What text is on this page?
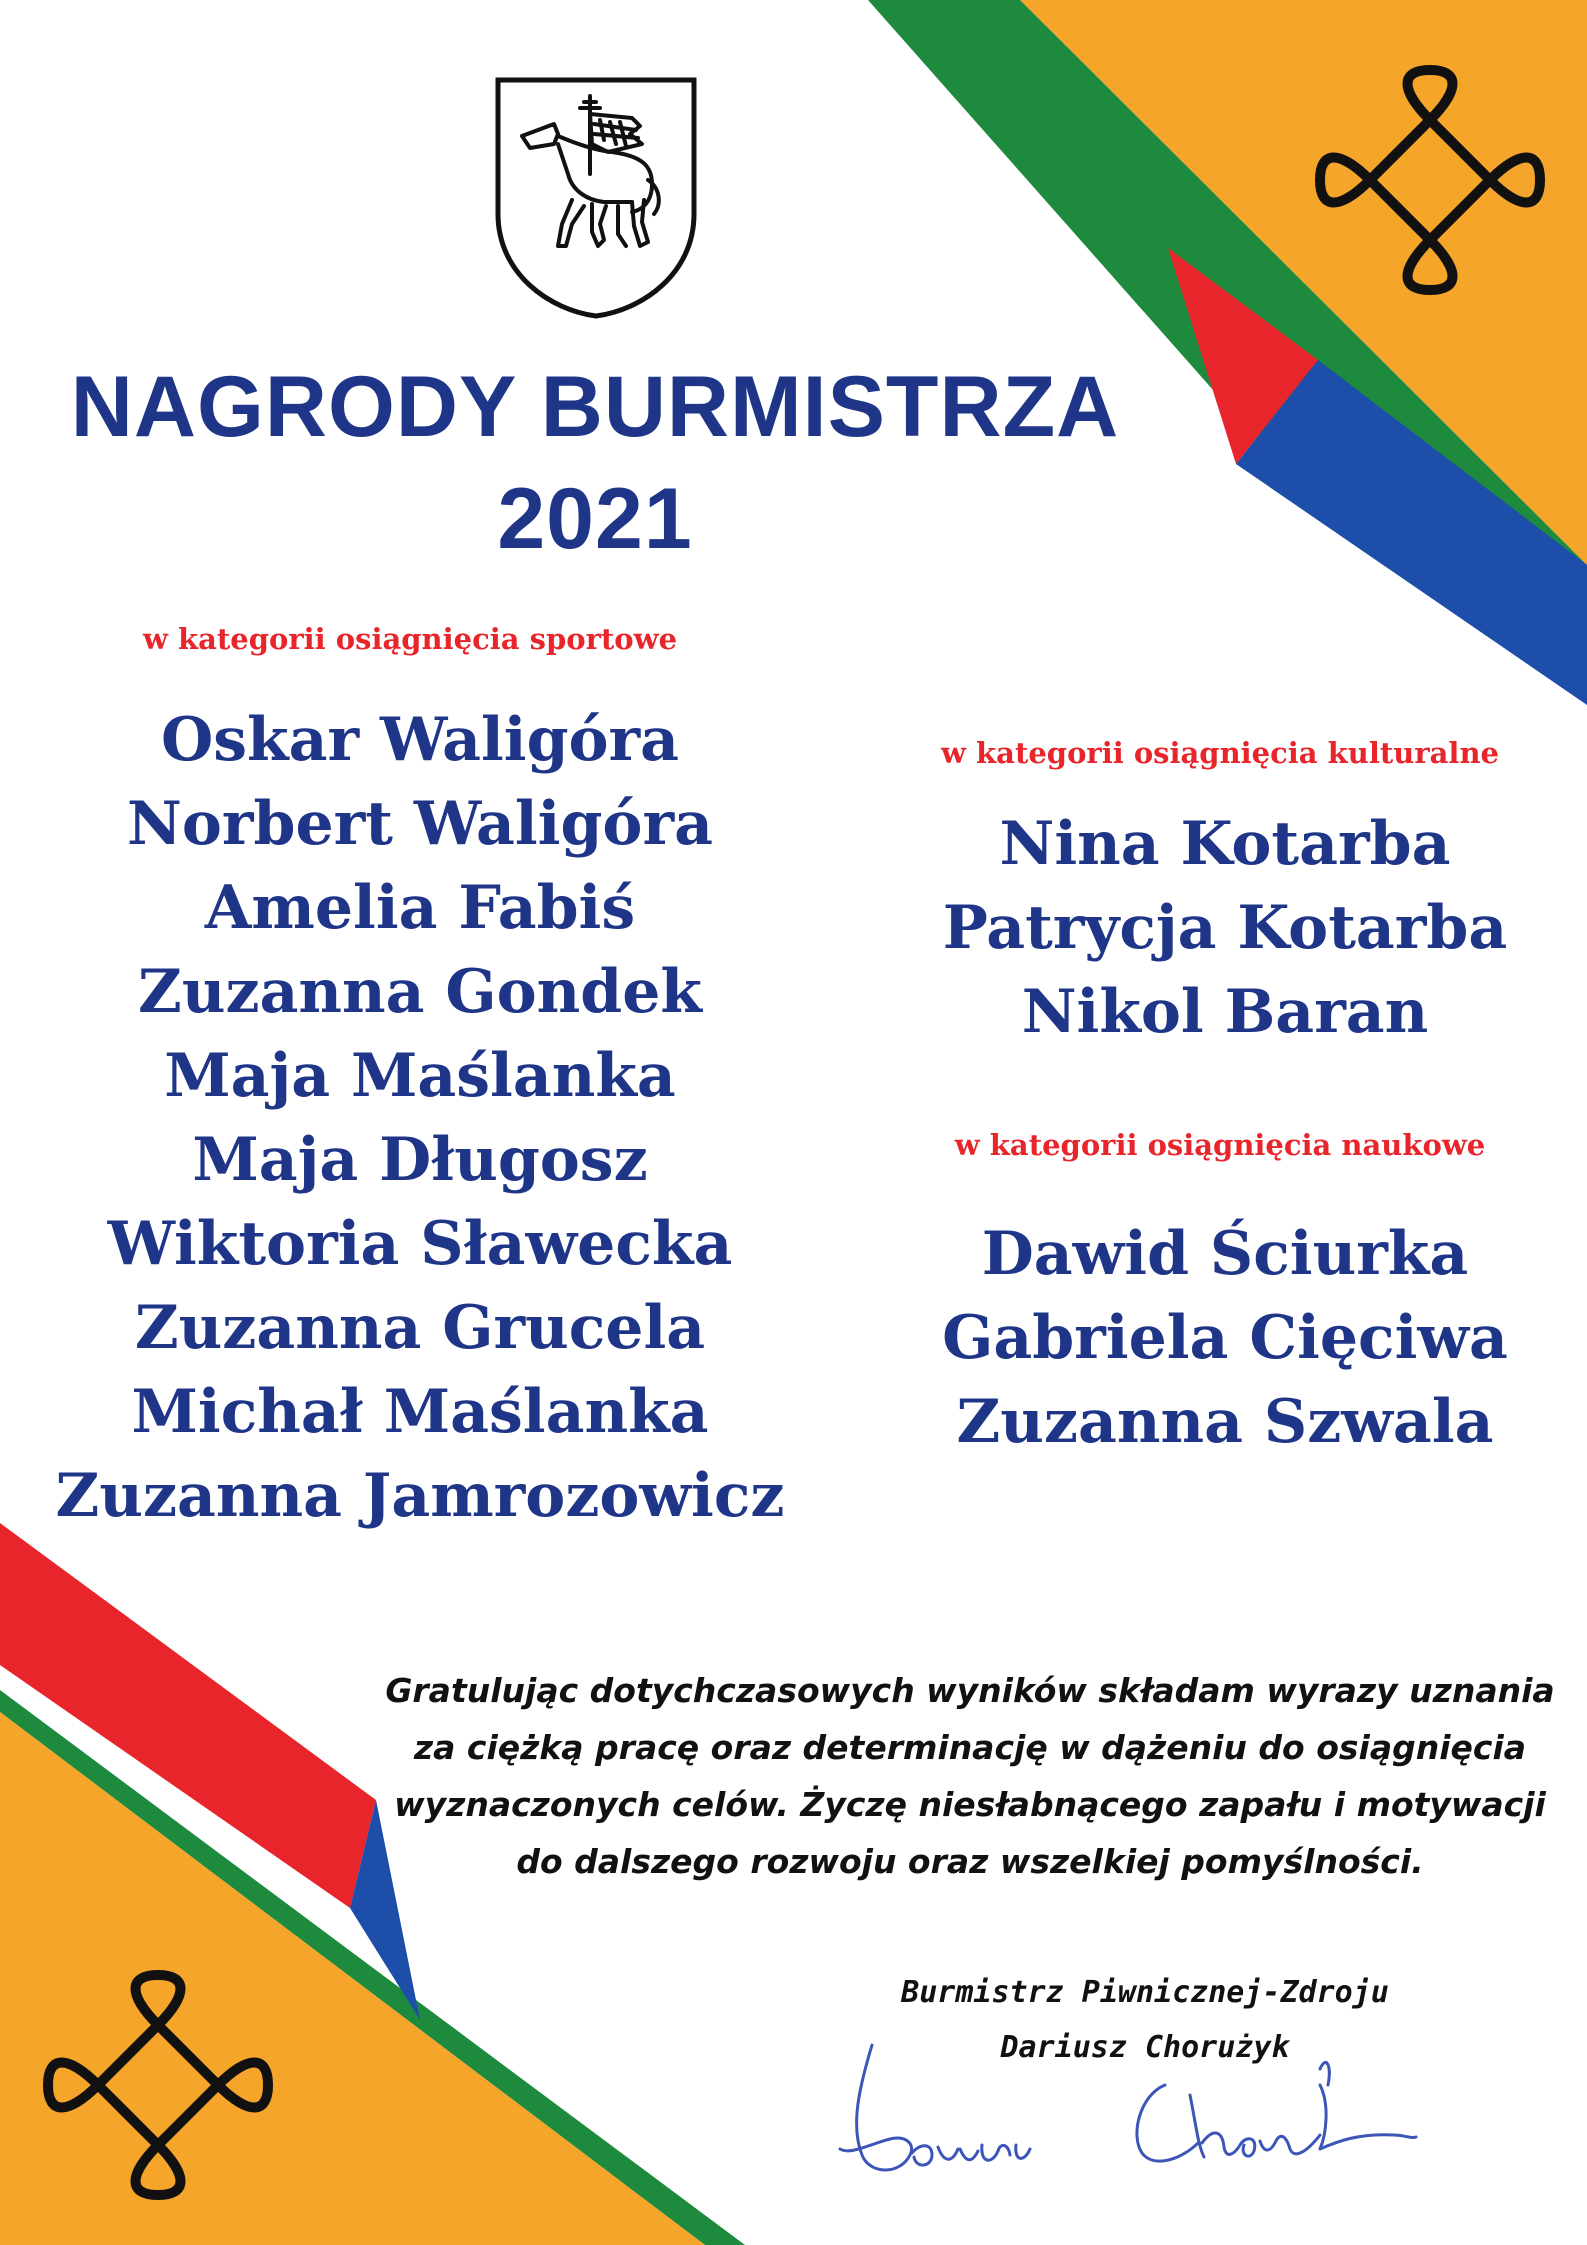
NAGRODY BURMISTRZA
2021
w kategorii osiągnięcia sportowe
Oskar Waligóra
Norbert Waligóra
Amelia Fabiś
Zuzanna Gondek
Maja Maślanka
Maja Długosz
Wiktoria Sławecka
Zuzanna Grucela
Michał Maślanka
Zuzanna Jamrozowicz
w kategorii osiągnięcia kulturalne
Nina Kotarba
Patrycja Kotarba
Nikol Baran
w kategorii osiągnięcia naukowe
Dawid Ściurka
Gabriela Cięciwa
Zuzanna Szwala
Gratulując dotychczasowych wyników składam wyrazy uznania
za ciężką pracę oraz determinację w dążeniu do osiągnięcia
wyznaczonych celów. Życzę niesłabnącego zapału i motywacji
do dalszego rozwoju oraz wszelkiej pomyślności.
Burmistrz Piwnicznej-Zdroju
Dariusz Chorużyk
